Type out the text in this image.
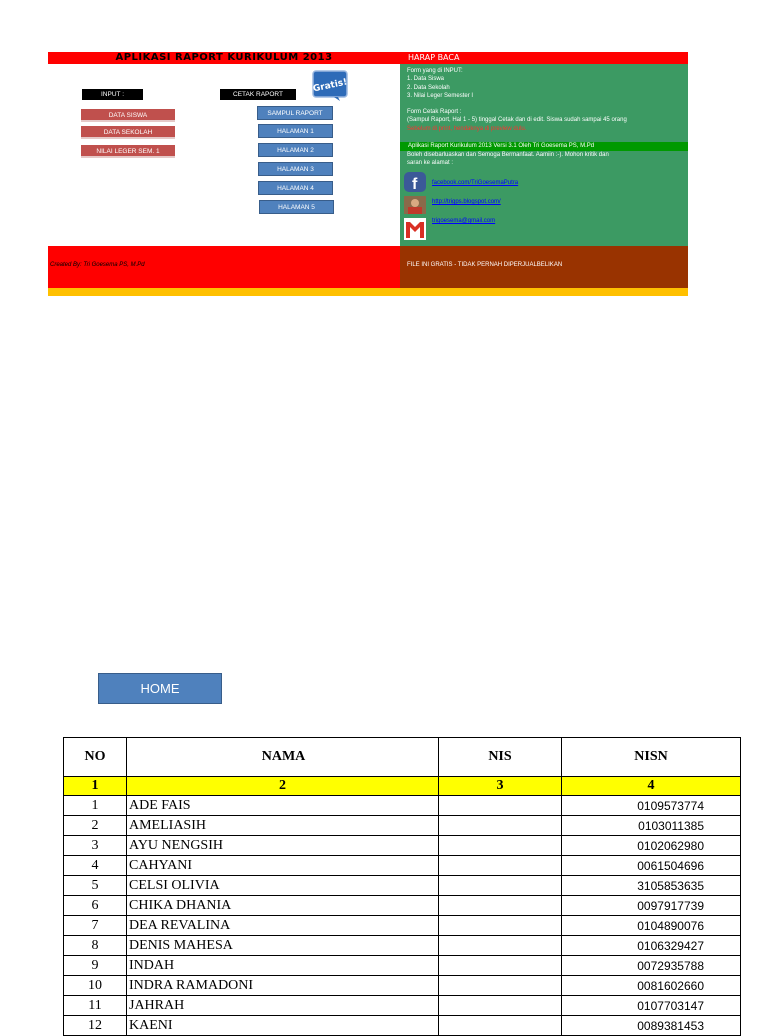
APLIKASI RAPORT KURIKULUM 2013	HARAP BACA
Form yang di INPUT:
1. Data Siswa
2. Data Sekolah
3. Nilai Leger Semester I
Form Cetak Raport :
(Sampul Raport, Hal 1 - 5) tinggal Cetak dan di edit. Siswa sudah sampai 45 orang
Sebelum di print, hendaknya di preview dulu.
Aplikasi Raport Kurikulum 2013 Versi 3.1 Oleh Tri Goesema PS, M.Pd
Boleh disebarluaskan dan Semoga Bermanfaat. Aamiin :-). Mohon kritik dan
saran ke alamat :
f facebook.com/TriGoesemaPutra
http://trigps.blogspot.com/
trigoesema@gmail.com
Created By: Tri Goesema PS, M.Pd	FILE INI GRATIS - TIDAK PERNAH DIPERJUALBELIKAN
INPUT :
DATA SISWA
DATA SEKOLAH
NILAI LEGER SEM. 1
CETAK RAPORT
SAMPUL RAPORT
HALAMAN 1
HALAMAN 2
HALAMAN 3
HALAMAN 4
HALAMAN 5
Gratis!
HOME
NO	NAMA	NIS	NISN
1	2	3	4
1	ADE FAIS		0109573774
2	AMELIASIH		0103011385
3	AYU NENGSIH		0102062980
4	CAHYANI		0061504696
5	CELSI OLIVIA		3105853635
6	CHIKA DHANIA		0097917739
7	DEA REVALINA		0104890076
8	DENIS MAHESA		0106329427
9	INDAH		0072935788
10	INDRA RAMADONI		0081602660
11	JAHRAH		0107703147
12	KAENI		0089381453
